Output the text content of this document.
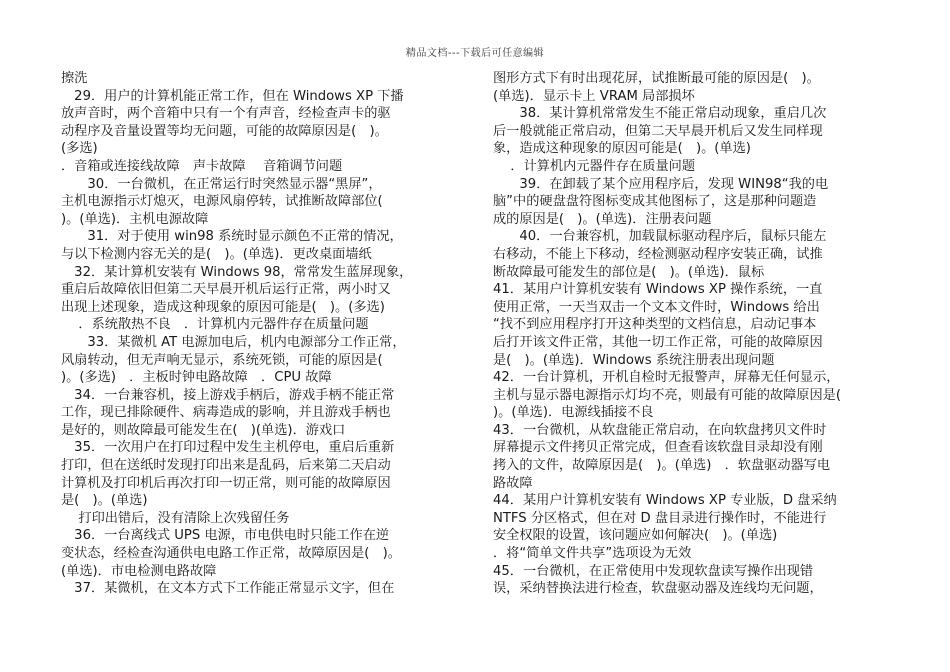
精品文档---下载后可任意编辑
擦洗
　29．用户的计算机能正常工作，但在 Windows XP 下播
放声音时，两个音箱中只有一个有声音，经检查声卡的驱
动程序及音量设置等均无问题，可能的故障原因是(　)。
(多选)
．音箱或连接线故障　声卡故障　 音箱调节问题
　　30．一台微机，在正常运行时突然显示器“黑屏”，
主机电源指示灯熄灭，电源风扇停转，试推断故障部位(
)。(单选)．主机电源故障
　　31．对于使用 win98 系统时显示颜色不正常的情况，
与以下检测内容无关的是(　)。(单选)．更改桌面墙纸
　32．某计算机安装有 Windows 98，常常发生蓝屏现象，
重启后故障依旧但第二天早晨开机后运行正常，两小时又
出现上述现象，造成这种现象的原因可能是(　)。(多选)
　 ．系统散热不良　．计算机内元器件存在质量问题
　　33．某微机 AT 电源加电后，机内电源部分工作正常，
风扇转动，但无声响无显示，系统死锁，可能的原因是(
)。(多选)　．主板时钟电路故障　．CPU 故障
　34．一台兼容机，接上游戏手柄后，游戏手柄不能正常
工作，现已排除硬件、病毒造成的影响，并且游戏手柄也
是好的，则故障最可能发生在(　)(单选)．游戏口
　35．一次用户在打印过程中发生主机停电，重启后重新
打印，但在送纸时发现打印出来是乱码，后来第二天启动
计算机及打印机后再次打印一切正常，则可能的故障原因
是(　)。(单选)
　 打印出错后，没有清除上次残留任务
　36．一台离线式 UPS 电源，市电供电时只能工作在逆
变状态，经检查沟通供电电路工作正常，故障原因是(　)。
(单选)．市电检测电路故障
　37．某微机，在文本方式下工作能正常显示文字，但在
图形方式下有时出现花屏，试推断最可能的原因是(　)。
(单选)．显示卡上 VRAM 局部损坏
　　38．某计算机常常发生不能正常启动现象，重启几次
后一般就能正常启动，但第二天早晨开机后又发生同样现
象，造成这种现象的原因可能是(　)。(单选)
　 ．计算机内元器件存在质量问题
　　39．在卸载了某个应用程序后，发现 WIN98“我的电
脑”中的硬盘盘符图标变成其他图标了，这是那种问题造
成的原因是(　)。(单选)．注册表问题
　　40．一台兼容机，加载鼠标驱动程序后，鼠标只能左
右移动，不能上下移动，经检测驱动程序安装正确，试推
断故障最可能发生的部位是(　)。(单选)．鼠标
41．某用户计算机安装有 Windows XP 操作系统，一直
使用正常，一天当双击一个文本文件时，Windows 给出
“找不到应用程序打开这种类型的文档信息，启动记事本
后打开该文件正常，其他一切工作正常，可能的故障原因
是(　)。(单选)．Windows 系统注册表出现问题
42．一台计算机，开机自检时无报警声，屏幕无任何显示，
主机与显示器电源指示灯均不亮，则最有可能的故障原因是(
)。(单选)．电源线插接不良
43．一台微机，从软盘能正常启动，在向软盘拷贝文件时
屏幕提示文件拷贝正常完成，但查看该软盘目录却没有刚
拷入的文件，故障原因是(　)。(单选)　．软盘驱动器写电
路故障
44．某用户计算机安装有 Windows XP 专业版，D 盘采纳
NTFS 分区格式，但在对 D 盘目录进行操作时，不能进行
安全权限的设置，该问题应如何解决(　)。(单选)
．将“简单文件共享”选项设为无效
45．一台微机，在正常使用中发现软盘读写操作出现错
误，采纳替换法进行检查，软盘驱动器及连线均无问题，
